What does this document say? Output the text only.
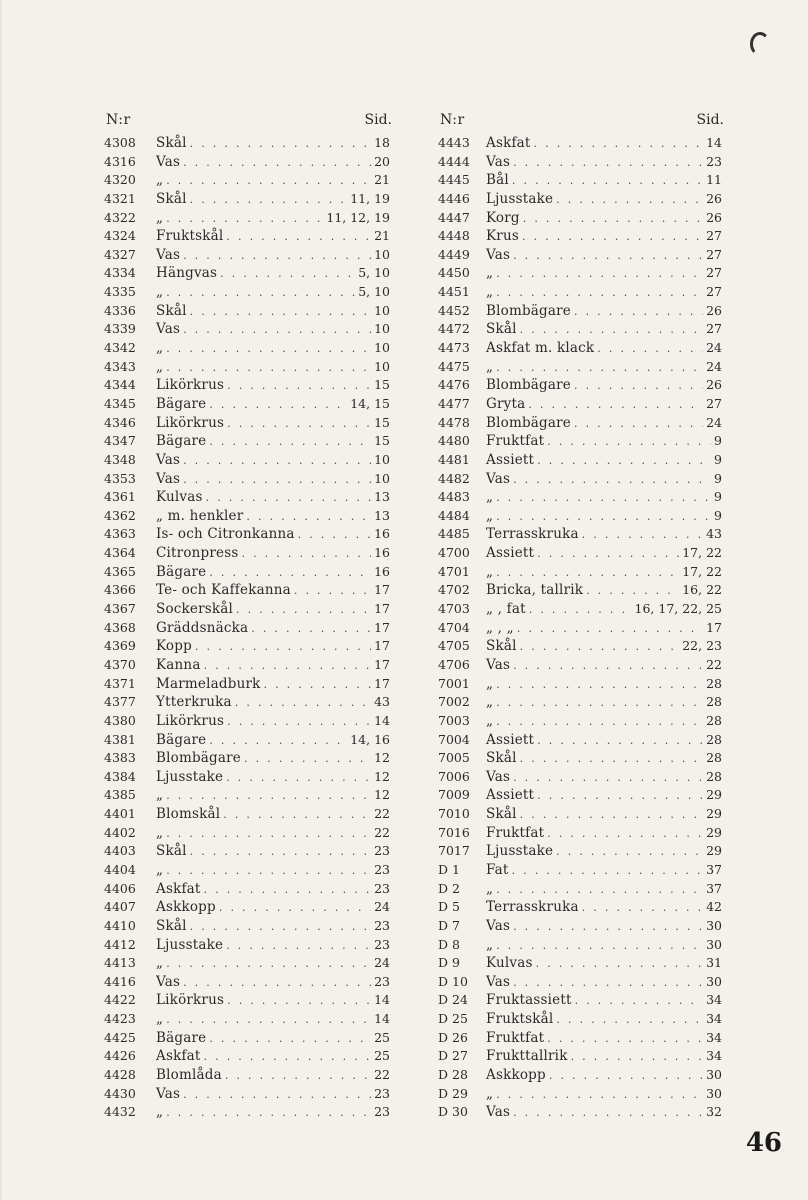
N:r	Sid.
4308	Skål . . .	18
4316	Vas . . .	20
4320	„ . . .	21
4321	Skål . . .	11, 19
4322	„ . . .	11, 12, 19
4324	Fruktskål . . .	21
4327	Vas . . .	10
4334	Hängvas . . .	5, 10
4335	„ . . .	5, 10
4336	Skål . . .	10
4339	Vas . . .	10
4342	„ . . .	10
4343	„ . . .	10
4344	Likörkrus . . .	15
4345	Bägare . . .	14, 15
4346	Likörkrus . . .	15
4347	Bägare . . .	15
4348	Vas . . .	10
4353	Vas . . .	10
4361	Kulvas . . .	13
4362	„ m. henkler . . .	13
4363	Is- och Citronkanna . . .	16
4364	Citronpress . . .	16
4365	Bägare . . .	16
4366	Te- och Kaffekanna . . .	17
4367	Sockerskål . . .	17
4368	Gräddsnäcka . . .	17
4369	Kopp . . .	17
4370	Kanna . . .	17
4371	Marmeladburk . . .	17
4377	Ytterkruka . . .	43
4380	Likörkrus . . .	14
4381	Bägare . . .	14, 16
4383	Blombägare . . .	12
4384	Ljusstake . . .	12
4385	„ . . .	12
4401	Blomskål . . .	22
4402	„ . . .	22
4403	Skål . . .	23
4404	„ . . .	23
4406	Askfat . . .	23
4407	Askkopp . . .	24
4410	Skål . . .	23
4412	Ljusstake . . .	23
4413	„ . . .	24
4416	Vas . . .	23
4422	Likörkrus . . .	14
4423	„ . . .	14
4425	Bägare . . .	25
4426	Askfat . . .	25
4428	Blomlåda . . .	22
4430	Vas . . .	23
4432	„ . . .	23
N:r	Sid.
4443	Askfat . . .	14
4444	Vas . . .	23
4445	Bål . . .	11
4446	Ljusstake . . .	26
4447	Korg . . .	26
4448	Krus . . .	27
4449	Vas . . .	27
4450	„ . . .	27
4451	„ . . .	27
4452	Blombägare . . .	26
4472	Skål . . .	27
4473	Askfat m. klack . . .	24
4475	„ . . .	24
4476	Blombägare . . .	26
4477	Gryta . . .	27
4478	Blombägare . . .	24
4480	Fruktfat . . .	9
4481	Assiett . . .	9
4482	Vas . . .	9
4483	„ . . .	9
4484	„ . . .	9
4485	Terrasskruka . . .	43
4700	Assiett . . .	17, 22
4701	„ . . .	17, 22
4702	Bricka, tallrik . . .	16, 22
4703	„ , fat . . .	16, 17, 22, 25
4704	„ , „ . . .	17
4705	Skål . . .	22, 23
4706	Vas . . .	22
7001	„ . . .	28
7002	„ . . .	28
7003	„ . . .	28
7004	Assiett . . .	28
7005	Skål . . .	28
7006	Vas . . .	28
7009	Assiett . . .	29
7010	Skål . . .	29
7016	Fruktfat . . .	29
7017	Ljusstake . . .	29
D 1	Fat . . .	37
D 2	„ . . .	37
D 5	Terrasskruka . . .	42
D 7	Vas . . .	30
D 8	„ . . .	30
D 9	Kulvas . . .	31
D 10	Vas . . .	30
D 24	Fruktassiett . . .	34
D 25	Fruktskål . . .	34
D 26	Fruktfat . . .	34
D 27	Frukttallrik . . .	34
D 28	Askkopp . . .	30
D 29	„ . . .	30
D 30	Vas . . .	32
46
